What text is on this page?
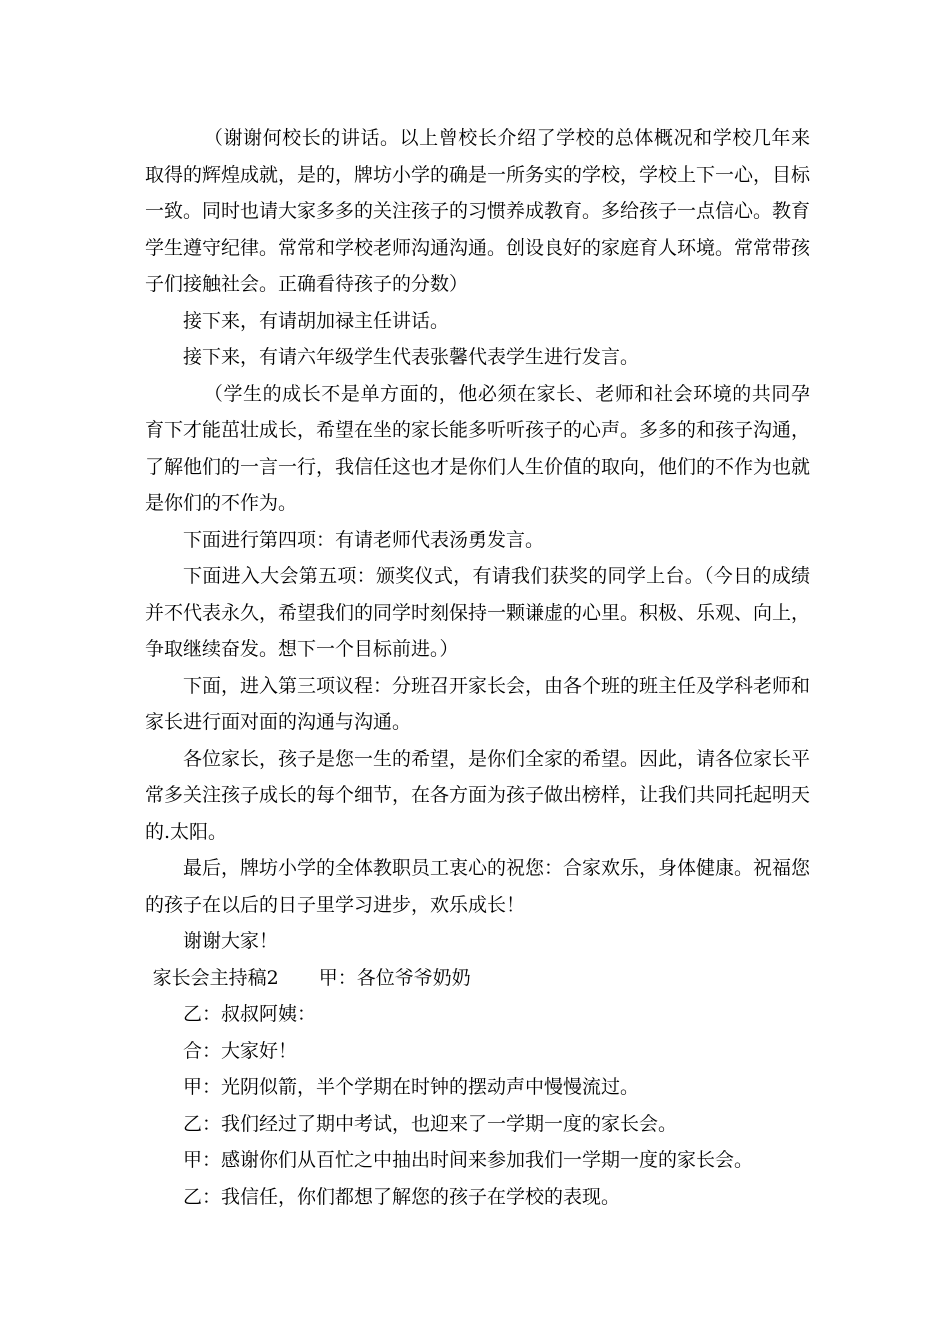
（谢谢何校长的讲话。以上曾校长介绍了学校的总体概况和学校几年来取得的辉煌成就，是的，牌坊小学的确是一所务实的学校，学校上下一心，目标一致。同时也请大家多多的关注孩子的习惯养成教育。多给孩子一点信心。教育学生遵守纪律。常常和学校老师沟通沟通。创设良好的家庭育人环境。常常带孩子们接触社会。正确看待孩子的分数）

接下来，有请胡加禄主任讲话。

接下来，有请六年级学生代表张馨代表学生进行发言。

（学生的成长不是单方面的，他必须在家长、老师和社会环境的共同孕育下才能茁壮成长，希望在坐的家长能多听听孩子的心声。多多的和孩子沟通，了解他们的一言一行，我信任这也才是你们人生价值的取向，他们的不作为也就是你们的不作为。

下面进行第四项：有请老师代表汤勇发言。

下面进入大会第五项：颁奖仪式，有请我们获奖的同学上台。（今日的成绩并不代表永久，希望我们的同学时刻保持一颗谦虚的心里。积极、乐观、向上，争取继续奋发。想下一个目标前进。）

下面，进入第三项议程：分班召开家长会，由各个班的班主任及学科老师和家长进行面对面的沟通与沟通。

各位家长，孩子是您一生的希望，是你们全家的希望。因此，请各位家长平常多关注孩子成长的每个细节，在各方面为孩子做出榜样，让我们共同托起明天的.太阳。

最后，牌坊小学的全体教职员工衷心的祝您：合家欢乐，身体健康。祝福您的孩子在以后的日子里学习进步，欢乐成长！

谢谢大家！

家长会主持稿2 甲：各位爷爷奶奶

乙：叔叔阿姨：

合：大家好！

甲：光阴似箭，半个学期在时钟的摆动声中慢慢流过。

乙：我们经过了期中考试，也迎来了一学期一度的家长会。

甲：感谢你们从百忙之中抽出时间来参加我们一学期一度的家长会。

乙：我信任，你们都想了解您的孩子在学校的表现。
